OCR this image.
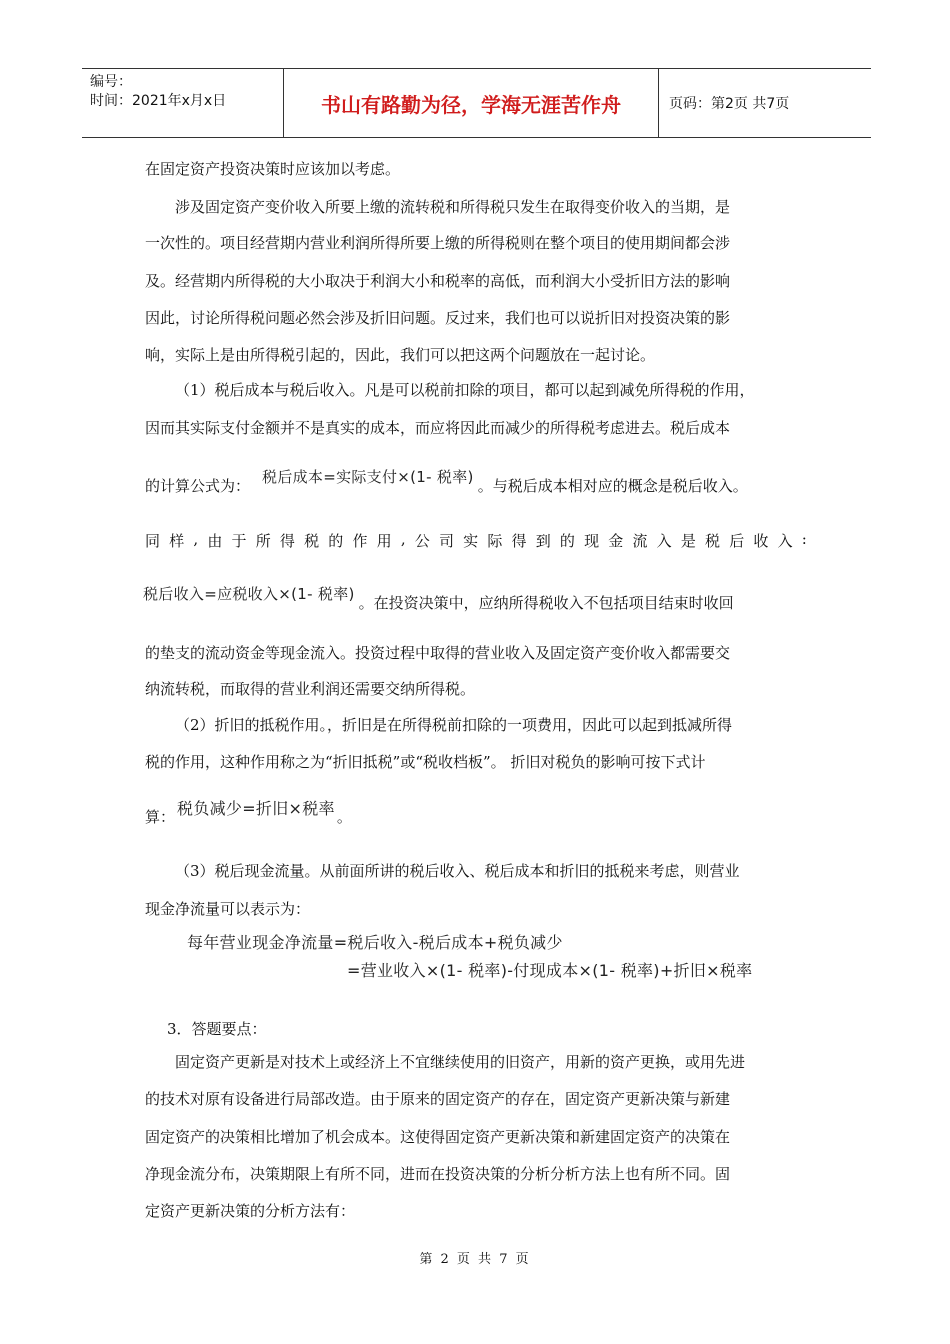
编号：
时间：2021年x月x日	书山有路勤为径，学海无涯苦作舟	页码：第2页 共7页
在固定资产投资决策时应该加以考虑。
涉及固定资产变价收入所要上缴的流转税和所得税只发生在取得变价收入的当期，是
一次性的。项目经营期内营业利润所得所要上缴的所得税则在整个项目的使用期间都会涉
及。经营期内所得税的大小取决于利润大小和税率的高低，而利润大小受折旧方法的影响
因此，讨论所得税问题必然会涉及折旧问题。反过来，我们也可以说折旧对投资决策的影
响，实际上是由所得税引起的，因此，我们可以把这两个问题放在一起讨论。
（1）税后成本与税后收入。凡是可以税前扣除的项目，都可以起到减免所得税的作用，
因而其实际支付金额并不是真实的成本，而应将因此而减少的所得税考虑进去。税后成本
的计算公式为： 税后成本=实际支付×(1- 税率) 。与税后成本相对应的概念是税后收入。
同 样 , 由 于 所 得 税 的 作 用 , 公 司 实 际 得 到 的 现 金 流 入 是 税 后 收 入 :
税后收入=应税收入×(1- 税率) 。在投资决策中，应纳所得税收入不包括项目结束时收回
的垫支的流动资金等现金流入。投资过程中取得的营业收入及固定资产变价收入都需要交
纳流转税，而取得的营业利润还需要交纳所得税。
（2）折旧的抵税作用。，折旧是在所得税前扣除的一项费用，因此可以起到抵减所得
税的作用，这种作用称之为“折旧抵税”或“税收档板”。 折旧对税负的影响可按下式计
算： 税负减少=折旧×税率 。
（3）税后现金流量。从前面所讲的税后收入、税后成本和折旧的抵税来考虑，则营业
现金净流量可以表示为：
每年营业现金净流量=税后收入-税后成本+税负减少
=营业收入×(1- 税率)-付现成本×(1- 税率)+折旧×税率
3．答题要点：
固定资产更新是对技术上或经济上不宜继续使用的旧资产，用新的资产更换，或用先进
的技术对原有设备进行局部改造。由于原来的固定资产的存在，固定资产更新决策与新建
固定资产的决策相比增加了机会成本。这使得固定资产更新决策和新建固定资产的决策在
净现金流分布，决策期限上有所不同，进而在投资决策的分析分析方法上也有所不同。固
定资产更新决策的分析方法有：
第 2 页 共 7 页
